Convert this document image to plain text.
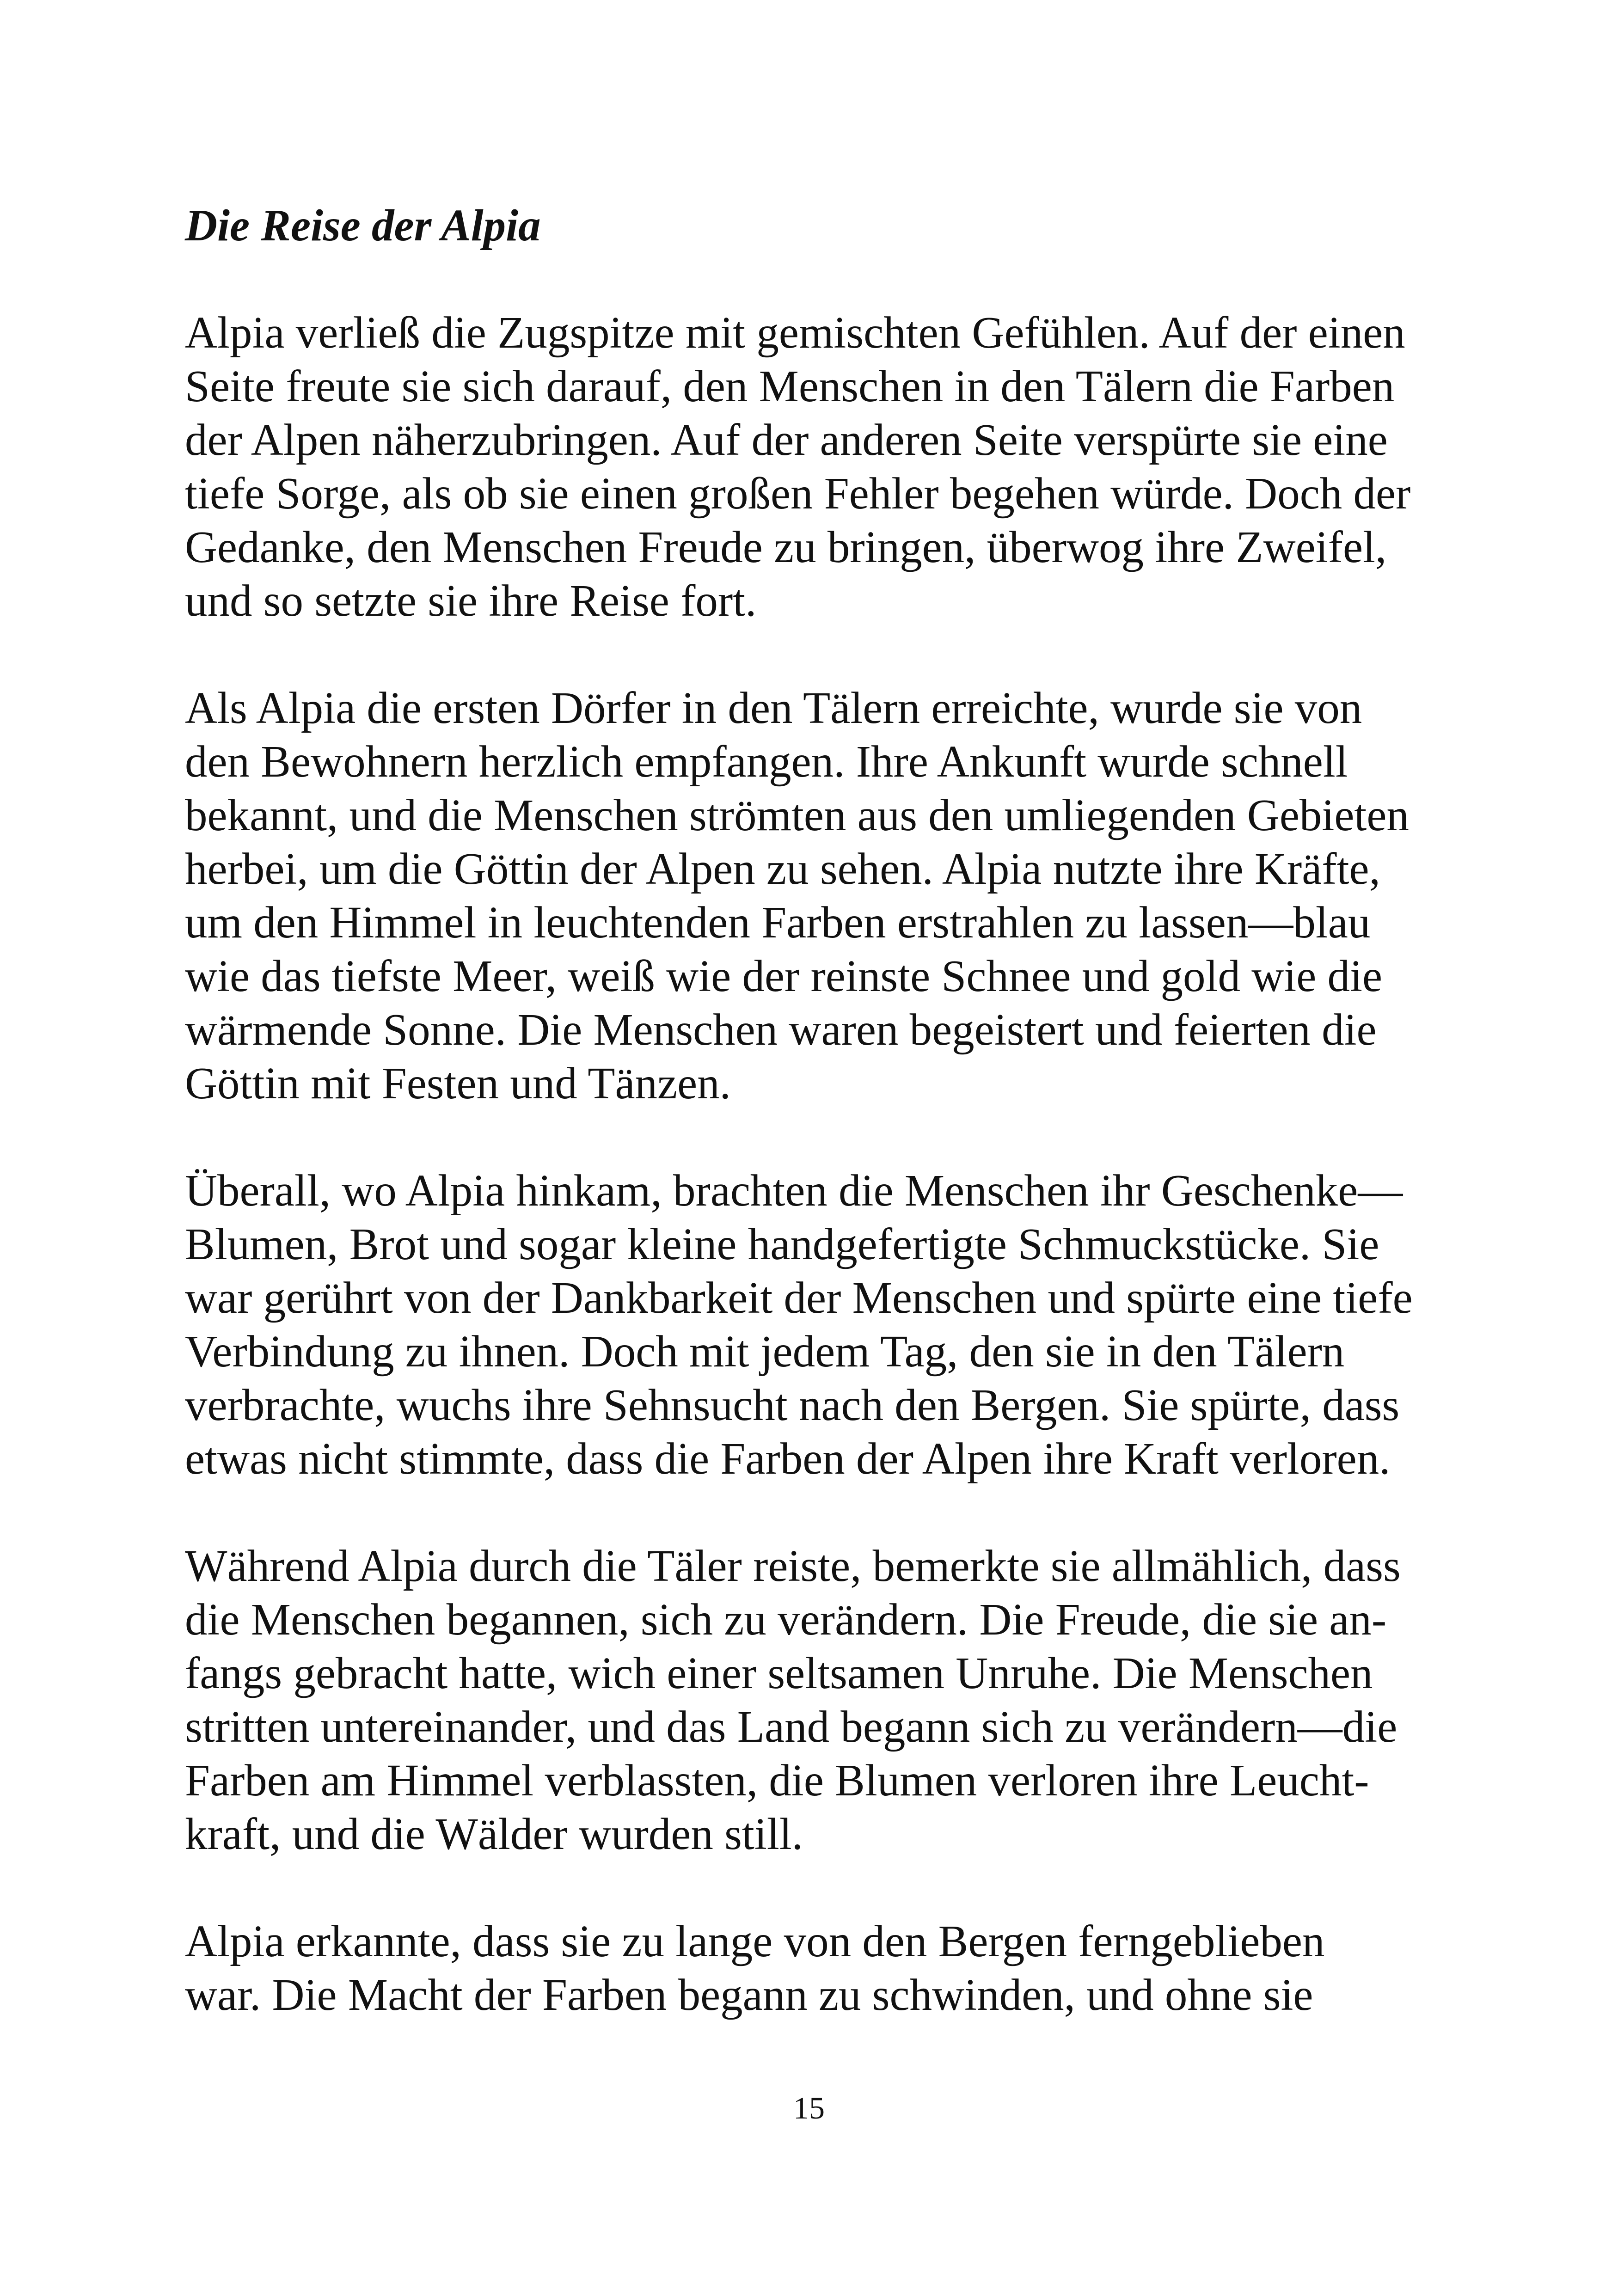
Die Reise der Alpia

Alpia verließ die Zugspitze mit gemischten Gefühlen. Auf der einen
Seite freute sie sich darauf, den Menschen in den Tälern die Farben
der Alpen näherzubringen. Auf der anderen Seite verspürte sie eine
tiefe Sorge, als ob sie einen großen Fehler begehen würde. Doch der
Gedanke, den Menschen Freude zu bringen, überwog ihre Zweifel,
und so setzte sie ihre Reise fort.

Als Alpia die ersten Dörfer in den Tälern erreichte, wurde sie von
den Bewohnern herzlich empfangen. Ihre Ankunft wurde schnell
bekannt, und die Menschen strömten aus den umliegenden Gebieten
herbei, um die Göttin der Alpen zu sehen. Alpia nutzte ihre Kräfte,
um den Himmel in leuchtenden Farben erstrahlen zu lassen—blau
wie das tiefste Meer, weiß wie der reinste Schnee und gold wie die
wärmende Sonne. Die Menschen waren begeistert und feierten die
Göttin mit Festen und Tänzen.

Überall, wo Alpia hinkam, brachten die Menschen ihr Geschenke—
Blumen, Brot und sogar kleine handgefertigte Schmuckstücke. Sie
war gerührt von der Dankbarkeit der Menschen und spürte eine tiefe
Verbindung zu ihnen. Doch mit jedem Tag, den sie in den Tälern
verbrachte, wuchs ihre Sehnsucht nach den Bergen. Sie spürte, dass
etwas nicht stimmte, dass die Farben der Alpen ihre Kraft verloren.

Während Alpia durch die Täler reiste, bemerkte sie allmählich, dass
die Menschen begannen, sich zu verändern. Die Freude, die sie an-
fangs gebracht hatte, wich einer seltsamen Unruhe. Die Menschen
stritten untereinander, und das Land begann sich zu verändern—die
Farben am Himmel verblassten, die Blumen verloren ihre Leucht-
kraft, und die Wälder wurden still.

Alpia erkannte, dass sie zu lange von den Bergen ferngeblieben
war. Die Macht der Farben begann zu schwinden, und ohne sie

15
